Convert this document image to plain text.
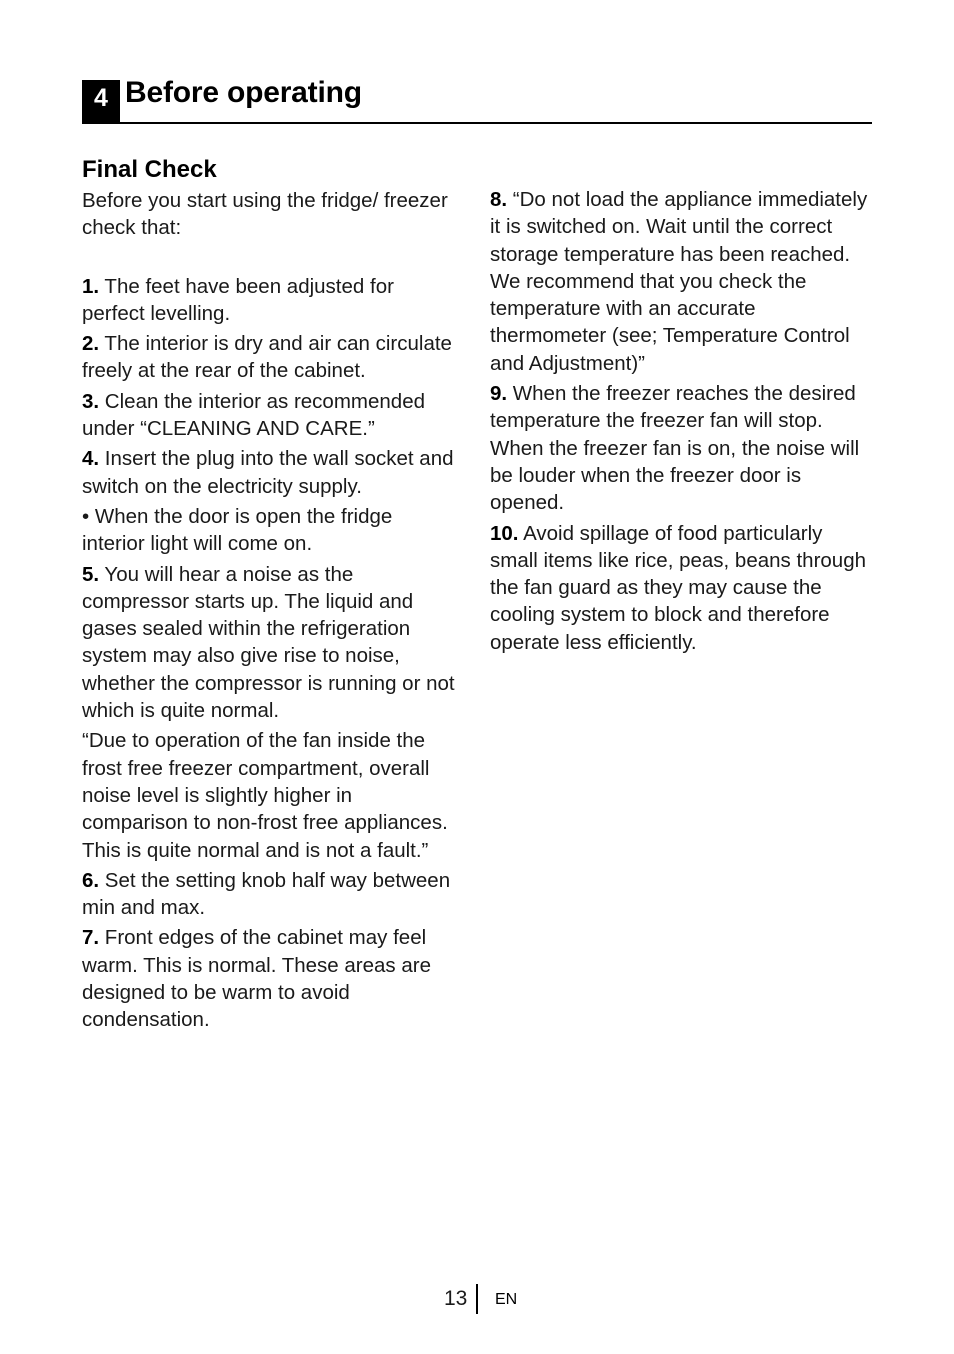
4 Before operating
Final Check

Before you start using the fridge/ freezer check that:

1. The feet have been adjusted for perfect levelling.

2. The interior is dry and air can circulate freely at the rear of the cabinet.

3. Clean the interior as recommended under “CLEANING AND CARE.”

4. Insert the plug into the wall socket and switch on the electricity supply.

• When the door is open the fridge interior light will come on.

5. You will hear a noise as the compressor starts up. The liquid and gases sealed within the refrigeration system may also give rise to noise, whether the compressor is running or not which is quite normal.

“Due to operation of the fan inside the frost free freezer compartment, overall noise level is slightly higher in comparison to non-frost free appliances. This is quite normal and is not a fault.”

6. Set the setting knob half way between min and max.

7. Front edges of the cabinet may feel warm. This is normal. These areas are designed to be warm to avoid condensation.

8. “Do not load the appliance immediately it is switched on. Wait until the correct storage temperature has been reached. We recommend that you check the temperature with an accurate thermometer (see; Temperature Control and Adjustment)”

9. When the freezer reaches the desired temperature the freezer fan will stop. When the freezer fan is on, the noise will be louder when the freezer door is opened.

10. Avoid spillage of food particularly small items like rice, peas, beans through the fan guard as they may cause the cooling system to block and therefore operate less efficiently.

13 EN
